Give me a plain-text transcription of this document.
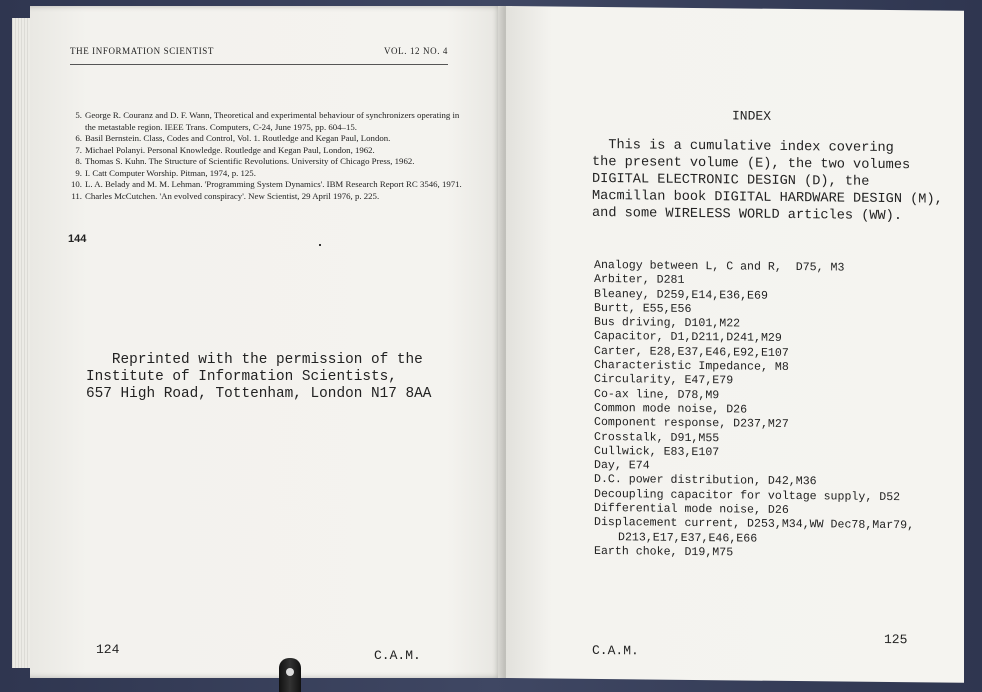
THE INFORMATION SCIENTIST	VOL. 12 NO. 4
5. George R. Couranz and D. F. Wann, Theoretical and experimental behaviour of synchronizers operating in the metastable region. IEEE Trans. Computers, C-24, June 1975, pp. 604–15.
6. Basil Bernstein. Class, Codes and Control, Vol. 1. Routledge and Kegan Paul, London.
7. Michael Polanyi. Personal Knowledge. Routledge and Kegan Paul, London, 1962.
8. Thomas S. Kuhn. The Structure of Scientific Revolutions. University of Chicago Press, 1962.
9. I. Catt Computer Worship. Pitman, 1974, p. 125.
10. L. A. Belady and M. M. Lehman. 'Programming System Dynamics'. IBM Research Report RC 3546, 1971.
11. Charles McCutchen. 'An evolved conspiracy'. New Scientist, 29 April 1976, p. 225.
144
Reprinted with the permission of the
Institute of Information Scientists,
657 High Road, Tottenham, London N17 8AA
124	C.A.M.
INDEX
This is a cumulative index covering
the present volume (E), the two volumes
DIGITAL ELECTRONIC DESIGN (D), the
Macmillan book DIGITAL HARDWARE DESIGN (M),
and some WIRELESS WORLD articles (WW).
Analogy between L, C and R,  D75, M3
Arbiter, D281
Bleaney, D259,E14,E36,E69
Burtt, E55,E56
Bus driving, D101,M22
Capacitor, D1,D211,D241,M29
Carter, E28,E37,E46,E92,E107
Characteristic Impedance, M8
Circularity, E47,E79
Co-ax line, D78,M9
Common mode noise, D26
Component response, D237,M27
Crosstalk, D91,M55
Cullwick, E83,E107
Day, E74
D.C. power distribution, D42,M36
Decoupling capacitor for voltage supply, D52
Differential mode noise, D26
Displacement current, D253,M34,WW Dec78,Mar79,
D213,E17,E37,E46,E66
Earth choke, D19,M75
C.A.M.
125
